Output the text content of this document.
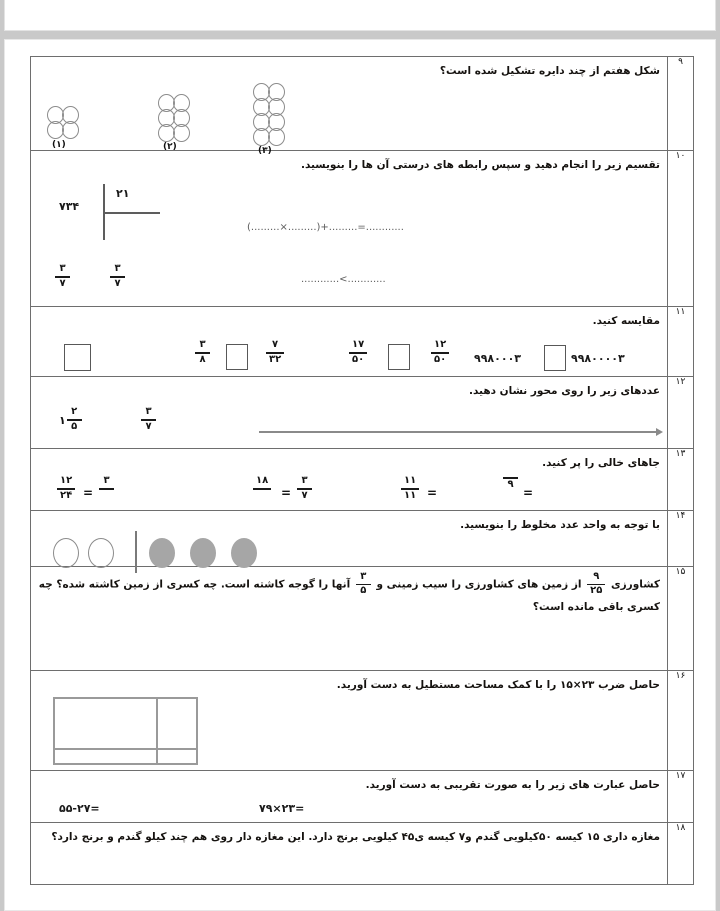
۹	شکل هفتم از چند دایره تشکیل شده است؟
(۱) (۲) (۳)

۱۰	
تقسیم زیر را انجام دهید و سپس رابطه های درستی آن ها را بنویسید.
۲۱
۷۳۴
(.........×.........)+.........=............
............<............
۳
۷
۳
۷

۱۱	
مقایسه کنید.
۹۹۸۰۰۰۰۳
۹۹۸۰۰۰۳
۱۲
۵۰
۱۷
۵۰
۷
۳۲
۳
۸

۱۲	
عددهای زیر را روی محور نشان دهید.
۳
۷
۱ $\frac{۲}{۵}$

۱۳	
جاهای خالی را پر کنید.
۹
=
۱۱
۱۱ =
۱۸
=
۳
۷
۱۲
۲۴ =
۳

۱۴	با توجه به واحد عدد مخلوط را بنویسید.

۱۵	
کشاورزی
$\frac{۹}{۲۵}$
از زمین های کشاورزی را سیب زمینی و
$\frac{۳}{۵}$
آنها را گوجه کاشته است. چه کسری از زمین کاشته شده؟ چه کسری باقی مانده است؟

۱۶	حاصل ضرب ۲۳×۱۵ را با کمک مساحت مستطیل به دست آورید.

۱۷	حاصل عبارت های زیر را به صورت تقریبی به دست آورید.
۷۹×۲۳=
۵۵-۲۷=

۱۸	مغازه داری ۱۵ کیسه ۵۰کیلویی گندم و۷ کیسه ی۴۵ کیلویی برنج دارد. این مغازه دار روی هم چند کیلو گندم و برنج دارد؟
